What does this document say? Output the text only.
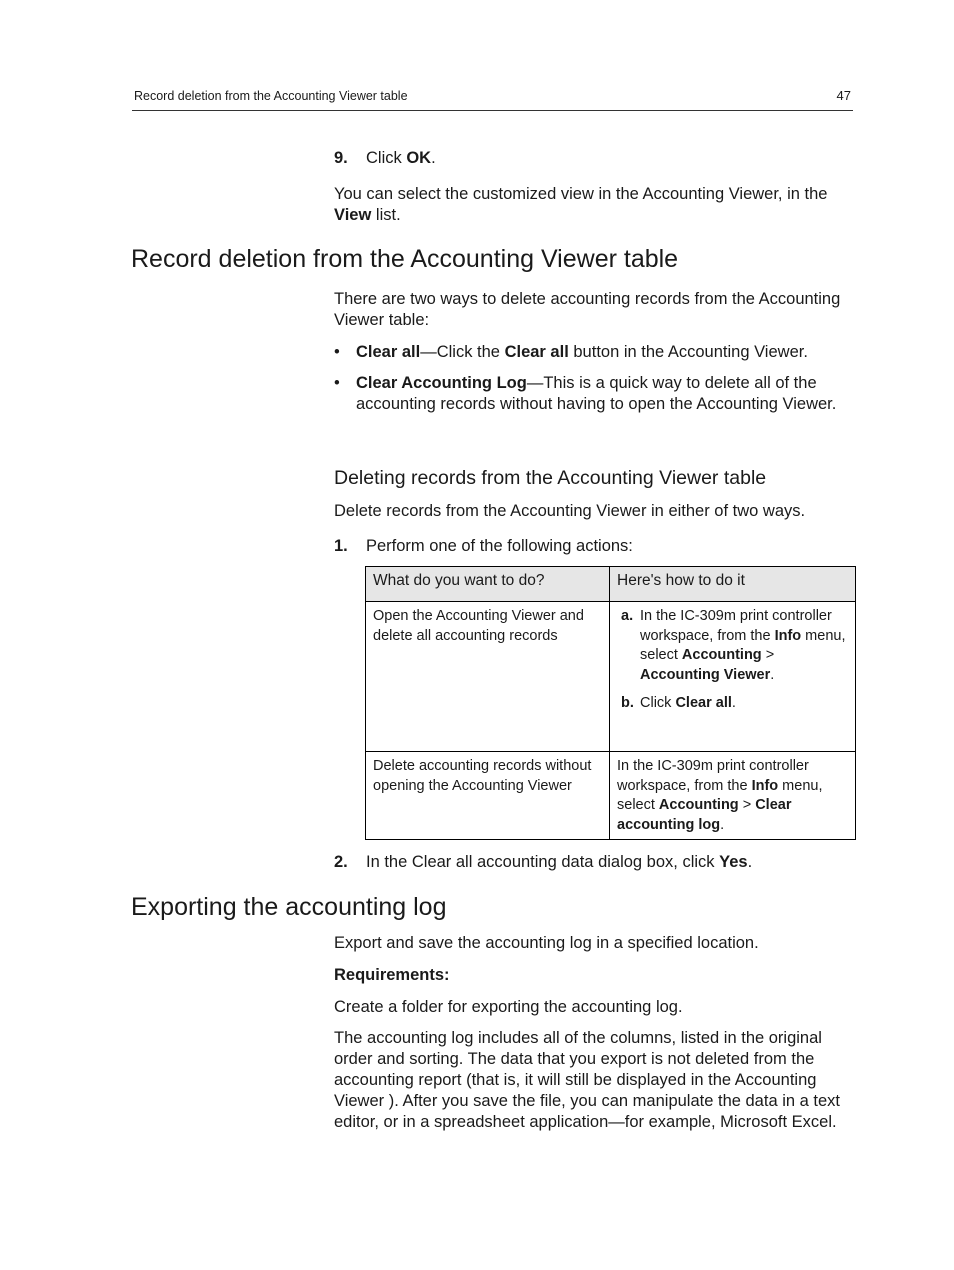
Record deletion from the Accounting Viewer table	47
9. Click OK.

You can select the customized view in the Accounting Viewer, in the View list.

Record deletion from the Accounting Viewer table

There are two ways to delete accounting records from the Accounting Viewer table:

• Clear all—Click the Clear all button in the Accounting Viewer.
• Clear Accounting Log—This is a quick way to delete all of the accounting records without having to open the Accounting Viewer.
Deleting records from the Accounting Viewer table

Delete records from the Accounting Viewer in either of two ways.

1. Perform one of the following actions:
What do you want to do?	Here's how to do it
Open the Accounting Viewer and delete all accounting records	a. In the IC-309m print controller workspace, from the Info menu, select Accounting > Accounting Viewer.
b. Click Clear all.

Delete accounting records without opening the Accounting Viewer	In the IC-309m print controller workspace, from the Info menu, select Accounting > Clear accounting log.
2. In the Clear all accounting data dialog box, click Yes.
Exporting the accounting log

Export and save the accounting log in a specified location.

Requirements:

Create a folder for exporting the accounting log.

The accounting log includes all of the columns, listed in the original order and sorting. The data that you export is not deleted from the accounting report (that is, it will still be displayed in the Accounting Viewer ). After you save the file, you can manipulate the data in a text editor, or in a spreadsheet application—for example, Microsoft Excel.
